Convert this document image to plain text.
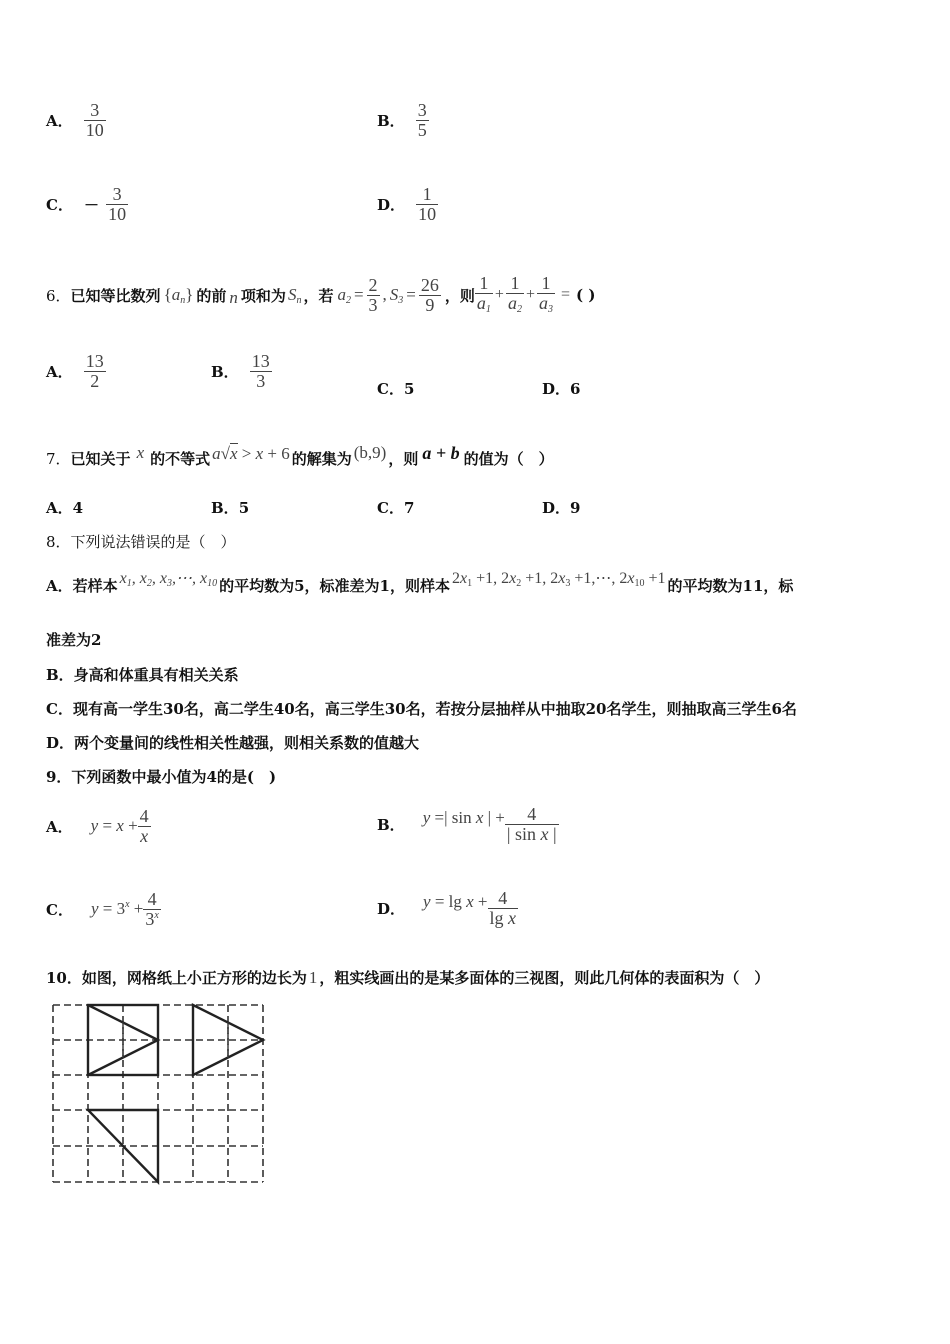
A． $\frac{3}{10}$	B． $\frac{3}{5}$
C． － $\frac{3}{10}$	D． $\frac{1}{10}$
6． 已知等比数列 $\{a_n\}$ 的前 n 项和为 $S_n$ ，若 $a_2 = \frac{2}{3}$ , $S_3 = \frac{26}{9}$ ，则 $\frac{1}{a_1} + \frac{1}{a_2} + \frac{1}{a_3}$ = ( )
A． $\frac{13}{2}$	B． $\frac{13}{3}$	C．5	D．6
7． 已知关于 x 的不等式 a√x > x + 6 的解集为 (b,9) ，则 a + b 的值为（　）
A．4	B．5	C．7	D．9
8．下列说法错误的是（　）
A．若样本 $x_1$, $x_2$, $x_3,\cdots$, $x_{10}$ 的平均数为5，标准差为1，则样本 $2x_1 +1$, $2x_2 +1$, $2x_3$ +1,⋯, $2x_{10} +1$ 的平均数为11，标
准差为2
B．身高和体重具有相关关系
C．现有高一学生30名，高二学生40名，高三学生30名，若按分层抽样从中抽取20名学生，则抽取高三学生6名
D．两个变量间的线性相关性越强，则相关系数的值越大
9．下列函数中最小值为4的是(　)
A． $y = x + \frac{4}{x}$	B． y =| sin x | + $\frac{4}{\text{| sin x |}}$
C． $y = 3^x + \frac{4}{3^x}$	D． $y = \lg x + \frac{4}{\text{lg x}}$
10．如图，网格纸上小正方形的边长为 1 ，粗实线画出的是某多面体的三视图，则此几何体的表面积为（　）
